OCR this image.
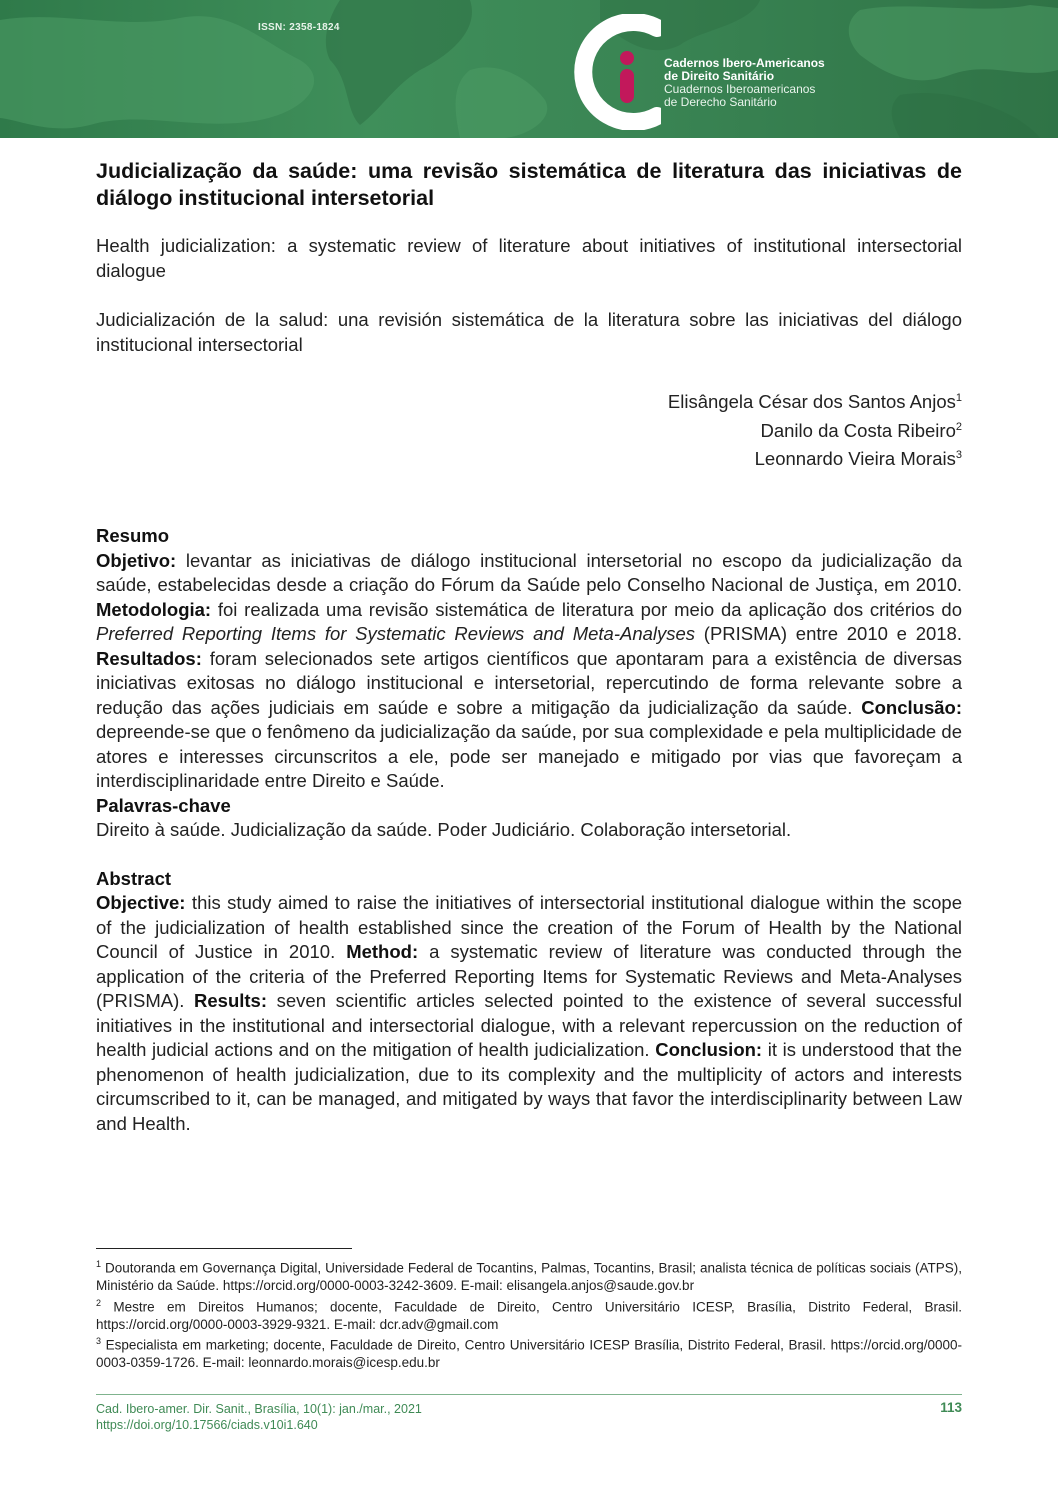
ISSN: 2358-1824
Cadernos Ibero-Americanos
de Direito Sanitário
Cuadernos Iberoamericanos
de Derecho Sanitário

Judicialização da saúde: uma revisão sistemática de literatura das iniciativas de diálogo institucional intersetorial

Health judicialization: a systematic review of literature about initiatives of institutional intersectorial dialogue

Judicialización de la salud: una revisión sistemática de la literatura sobre las iniciativas del diálogo institucional intersectorial

Elisângela César dos Santos Anjos$^1$
Danilo da Costa Ribeiro$^2$
Leonnardo Vieira Morais$^3$

Resumo

Objetivo: levantar as iniciativas de diálogo institucional intersetorial no escopo da judicialização da saúde, estabelecidas desde a criação do Fórum da Saúde pelo Conselho Nacional de Justiça, em 2010. Metodologia: foi realizada uma revisão sistemática de literatura por meio da aplicação dos critérios do Preferred Reporting Items for Systematic Reviews and Meta-Analyses (PRISMA) entre 2010 e 2018. Resultados: foram selecionados sete artigos científicos que apontaram para a existência de diversas iniciativas exitosas no diálogo institucional e intersetorial, repercutindo de forma relevante sobre a redução das ações judiciais em saúde e sobre a mitigação da judicialização da saúde. Conclusão: depreende-se que o fenômeno da judicialização da saúde, por sua complexidade e pela multiplicidade de atores e interesses circunscritos a ele, pode ser manejado e mitigado por vias que favoreçam a interdisciplinaridade entre Direito e Saúde.

Palavras-chave

Direito à saúde. Judicialização da saúde. Poder Judiciário. Colaboração intersetorial.

Abstract

Objective: this study aimed to raise the initiatives of intersectorial institutional dialogue within the scope of the judicialization of health established since the creation of the Forum of Health by the National Council of Justice in 2010. Method: a systematic review of literature was conducted through the application of the criteria of the Preferred Reporting Items for Systematic Reviews and Meta-Analyses (PRISMA). Results: seven scientific articles selected pointed to the existence of several successful initiatives in the institutional and intersectorial dialogue, with a relevant repercussion on the reduction of health judicial actions and on the mitigation of health judicialization. Conclusion: it is understood that the phenomenon of health judicialization, due to its complexity and the multiplicity of actors and interests circumscribed to it, can be managed, and mitigated by ways that favor the interdisciplinarity between Law and Health.

$^1$ Doutoranda em Governança Digital, Universidade Federal de Tocantins, Palmas, Tocantins, Brasil; analista técnica de políticas sociais (ATPS), Ministério da Saúde. https://orcid.org/0000-0003-3242-3609. E-mail: elisangela.anjos@saude.gov.br

$^2$ Mestre em Direitos Humanos; docente, Faculdade de Direito, Centro Universitário ICESP, Brasília, Distrito Federal, Brasil. https://orcid.org/0000-0003-3929-9321. E-mail: dcr.adv@gmail.com

$^3$ Especialista em marketing; docente, Faculdade de Direito, Centro Universitário ICESP Brasília, Distrito Federal, Brasil. https://orcid.org/0000-0003-0359-1726. E-mail: leonnardo.morais@icesp.edu.br

Cad. Ibero-amer. Dir. Sanit., Brasília, 10(1): jan./mar., 2021
https://doi.org/10.17566/ciads.v10i1.640
113
